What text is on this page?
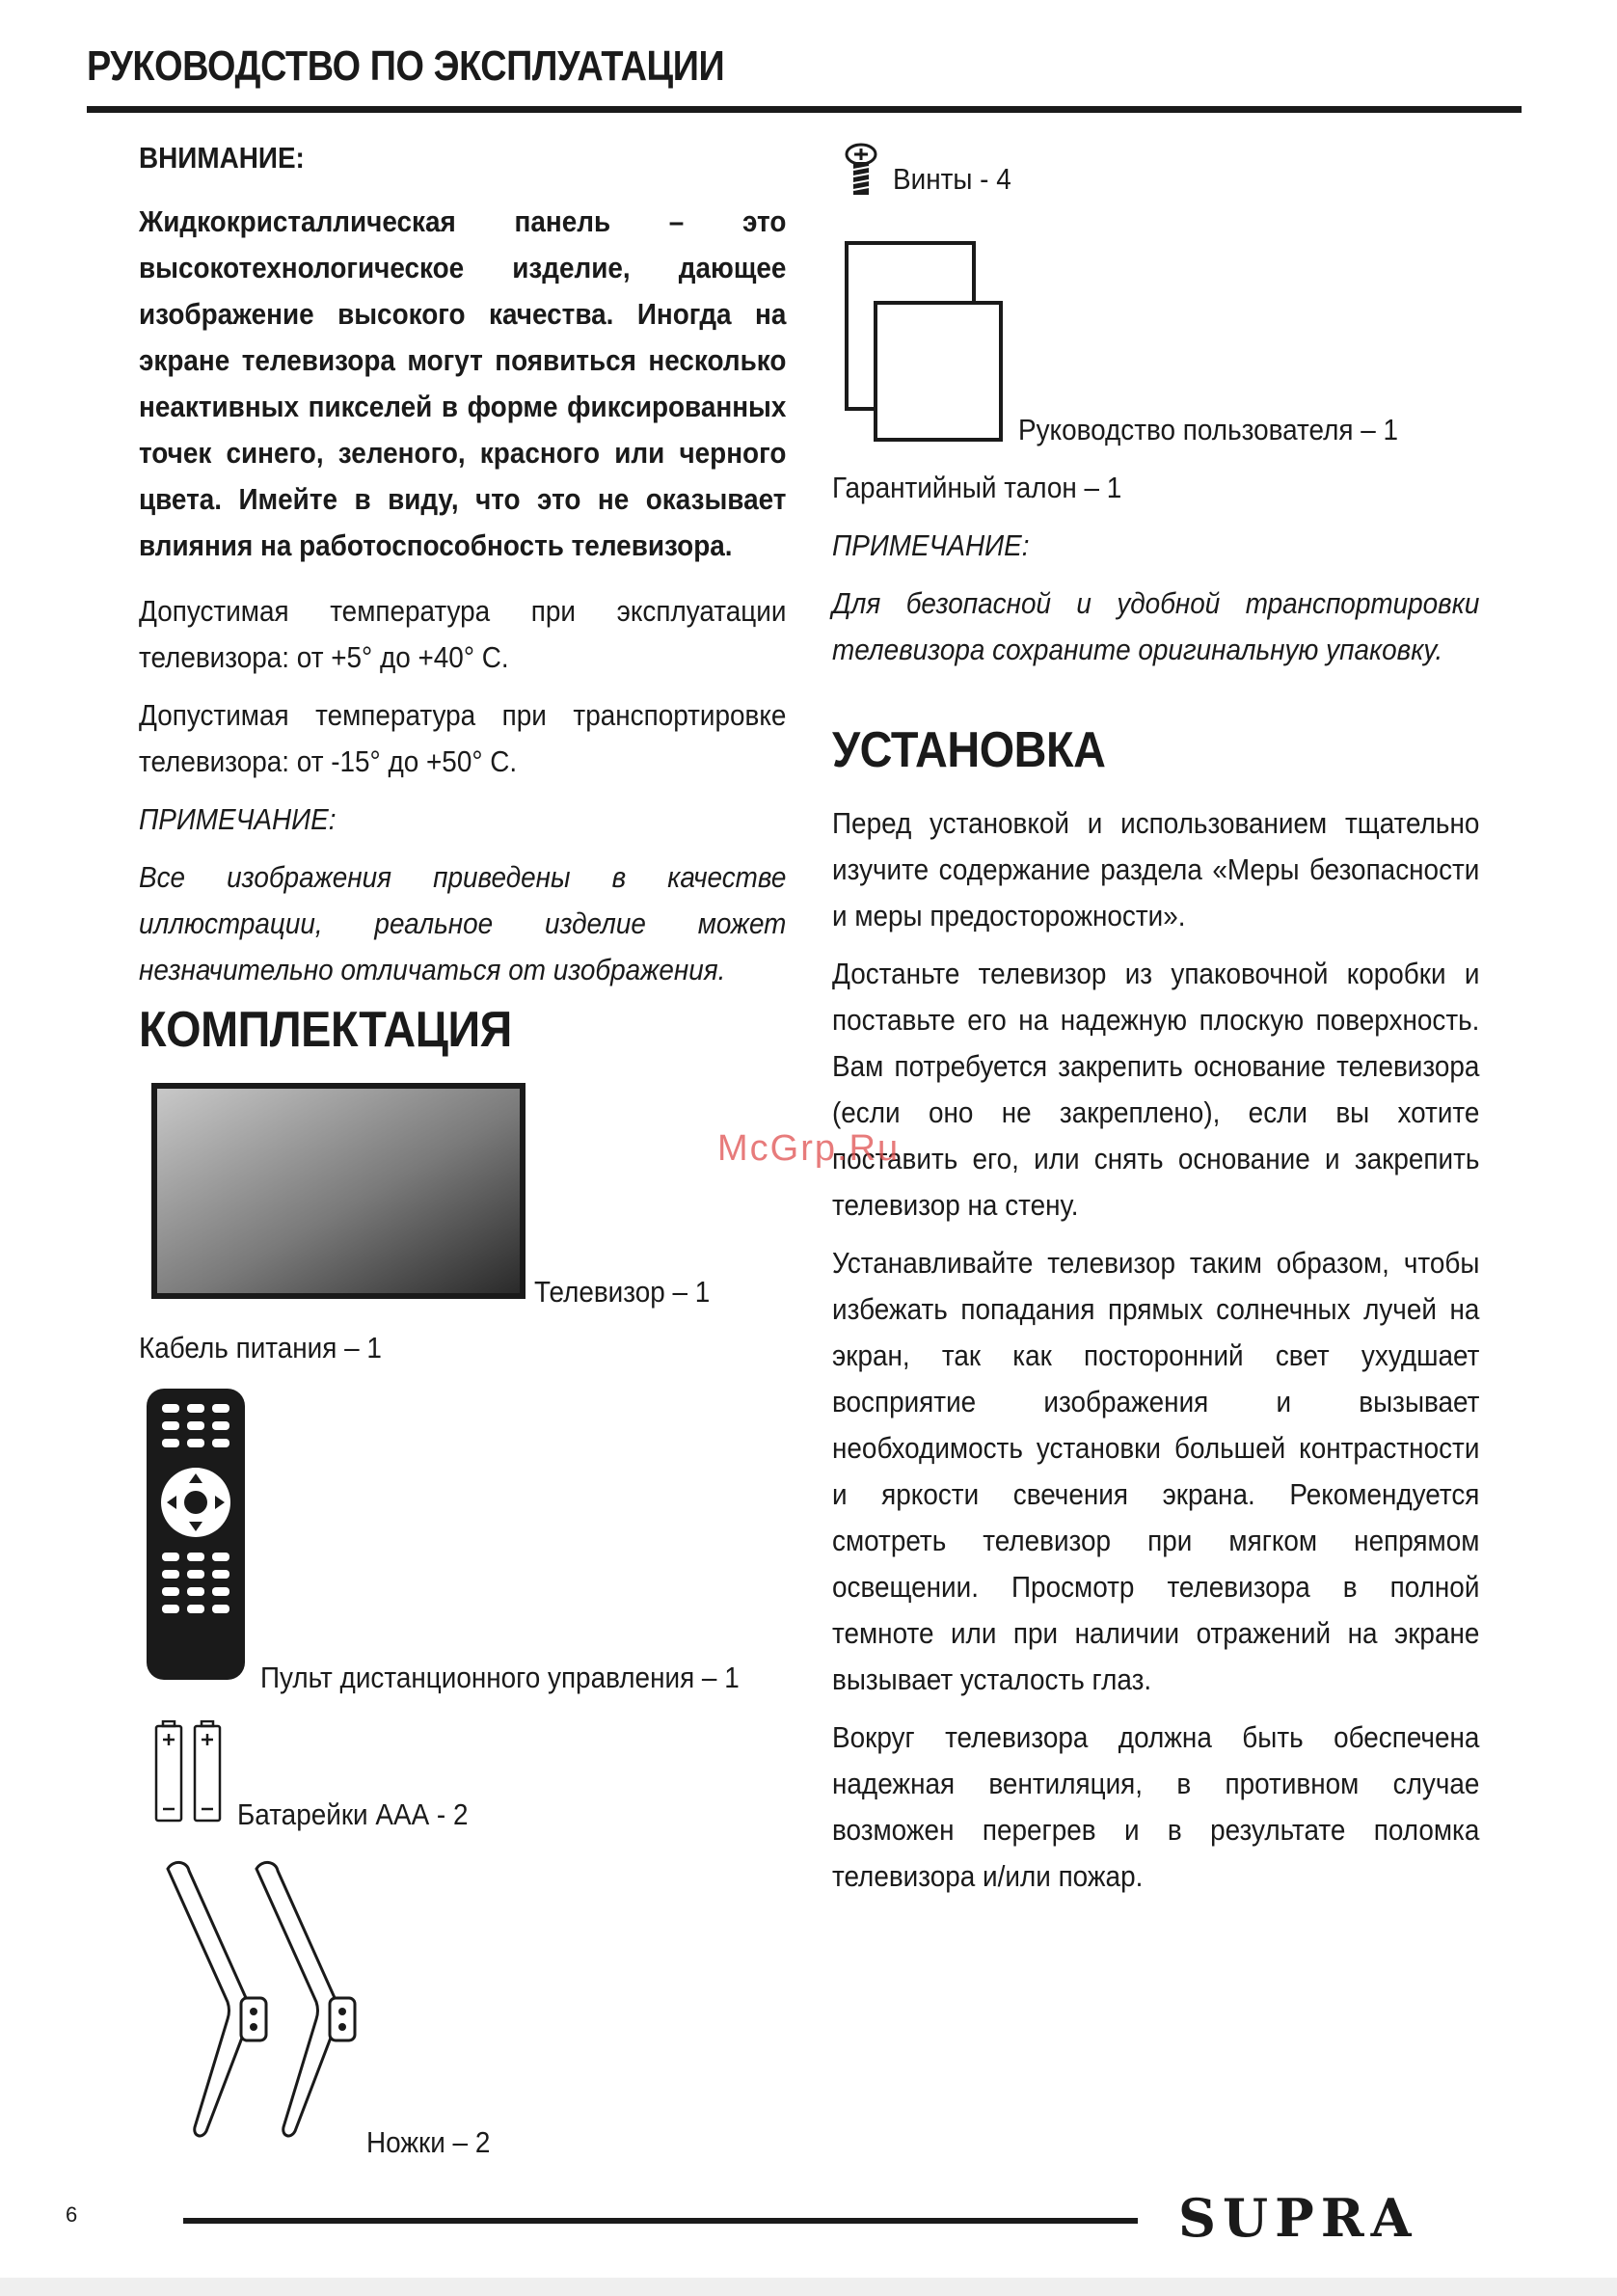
РУКОВОДСТВО ПО ЭКСПЛУАТАЦИИ

ВНИМАНИЕ:

Жидкокристаллическая панель – это высокотехнологическое изделие, дающее изображение высокого качества. Иногда на экране телевизора могут появиться несколько неактивных пикселей в форме фиксированных точек синего, зеленого, красного или черного цвета. Имейте в виду, что это не оказывает влияния на работоспособность телевизора.

Допустимая температура при эксплуатации телевизора: от +5° до +40° С.

Допустимая температура при транспортировке телевизора: от -15° до +50° С.

ПРИМЕЧАНИЕ:

Все изображения приведены в качестве иллюстрации, реальное изделие может незначительно отличаться от изображения.

КОМПЛЕКТАЦИЯ
Телевизор – 1
Кабель питания – 1
Пульт дистанционного управления – 1
Батарейки ААА - 2
Ножки – 2
Винты - 4
Руководство пользователя – 1

Гарантийный талон – 1

ПРИМЕЧАНИЕ:

Для безопасной и удобной транспортировки телевизора сохраните оригинальную упаковку.

УСТАНОВКА

Перед установкой и использованием тщательно изучите содержание раздела «Меры безопасности и меры предосторожности».

Достаньте телевизор из упаковочной коробки и поставьте его на надежную плоскую поверхность. Вам потребуется закрепить основание телевизора (если оно не закреплено), если вы хотите поставить его, или снять основание и закрепить телевизор на стену.

Устанавливайте телевизор таким образом, чтобы избежать попадания прямых солнечных лучей на экран, так как посторонний свет ухудшает восприятие изображения и вызывает необходимость установки большей контрастности и яркости свечения экрана. Рекомендуется смотреть телевизор при мягком непрямом освещении. Просмотр телевизора в полной темноте или при наличии отражений на экране вызывает усталость глаз.

Вокруг телевизора должна быть обеспечена надежная вентиляция, в противном случае возможен перегрев и в результате поломка телевизора и/или пожар.

McGrp.Ru
6	SUPRA
